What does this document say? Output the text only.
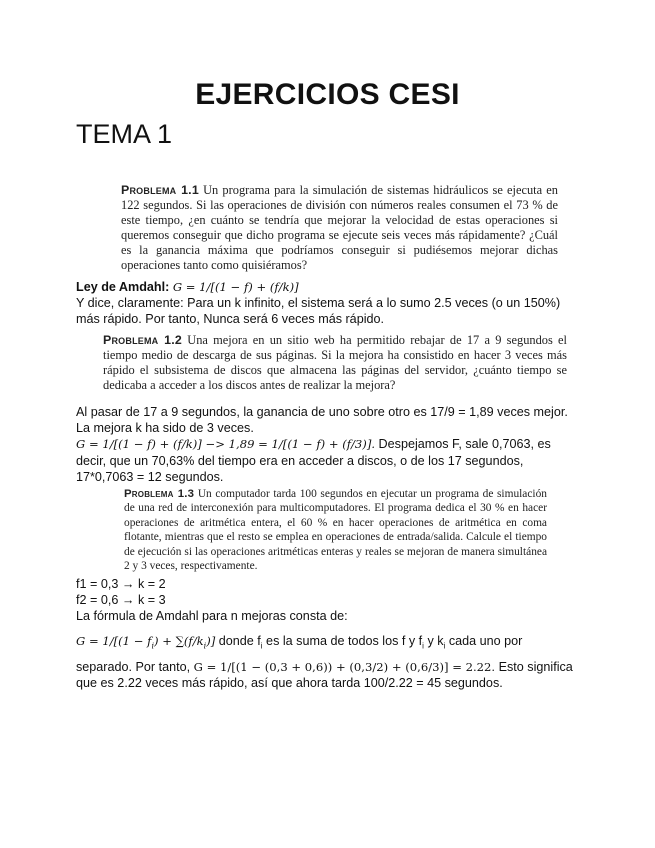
EJERCICIOS CESI
TEMA 1
Problema 1.1 Un programa para la simulación de sistemas hidráulicos se ejecuta en 122 segundos. Si las operaciones de división con números reales consumen el 73 % de este tiempo, ¿en cuánto se tendría que mejorar la velocidad de estas operaciones si queremos conseguir que dicho programa se ejecute seis veces más rápidamente? ¿Cuál es la ganancia máxima que podríamos conseguir si pudiésemos mejorar dichas operaciones tanto como quisiéramos?
Ley de Amdahl: G = 1/[(1 − f) + (f/k)]
Y dice, claramente: Para un k infinito, el sistema será a lo sumo 2.5 veces (o un 150%) más rápido. Por tanto, Nunca será 6 veces más rápido.
Problema 1.2 Una mejora en un sitio web ha permitido rebajar de 17 a 9 segundos el tiempo medio de descarga de sus páginas. Si la mejora ha consistido en hacer 3 veces más rápido el subsistema de discos que almacena las páginas del servidor, ¿cuánto tiempo se dedicaba a acceder a los discos antes de realizar la mejora?
Al pasar de 17 a 9 segundos, la ganancia de uno sobre otro es 17/9 = 1,89 veces mejor. La mejora k ha sido de 3 veces.
G = 1/[(1 − f) + (f/k)] −> 1,89 = 1/[(1 − f) + (f/3)]. Despejamos F, sale 0,7063, es decir, que un 70,63% del tiempo era en acceder a discos, o de los 17 segundos, 17*0,7063 = 12 segundos.
Problema 1.3 Un computador tarda 100 segundos en ejecutar un programa de simulación de una red de interconexión para multicomputadores. El programa dedica el 30 % en hacer operaciones de aritmética entera, el 60 % en hacer operaciones de aritmética en coma flotante, mientras que el resto se emplea en operaciones de entrada/salida. Calcule el tiempo de ejecución si las operaciones aritméticas enteras y reales se mejoran de manera simultánea 2 y 3 veces, respectivamente.
f1 = 0,3 → k = 2
f2 = 0,6 → k = 3
La fórmula de Amdahl para n mejoras consta de:
$G = 1/[(1 - f_i) + \sum(f/k_i)]$ donde $f_i$ es la suma de todos los f y $f_i$ y $k_i$ cada uno por
separado. Por tanto, G = 1/[(1 − (0,3 + 0,6)) + (0,3/2) + (0,6/3)] = 2.22. Esto significa que es 2.22 veces más rápido, así que ahora tarda 100/2.22 = 45 segundos.
